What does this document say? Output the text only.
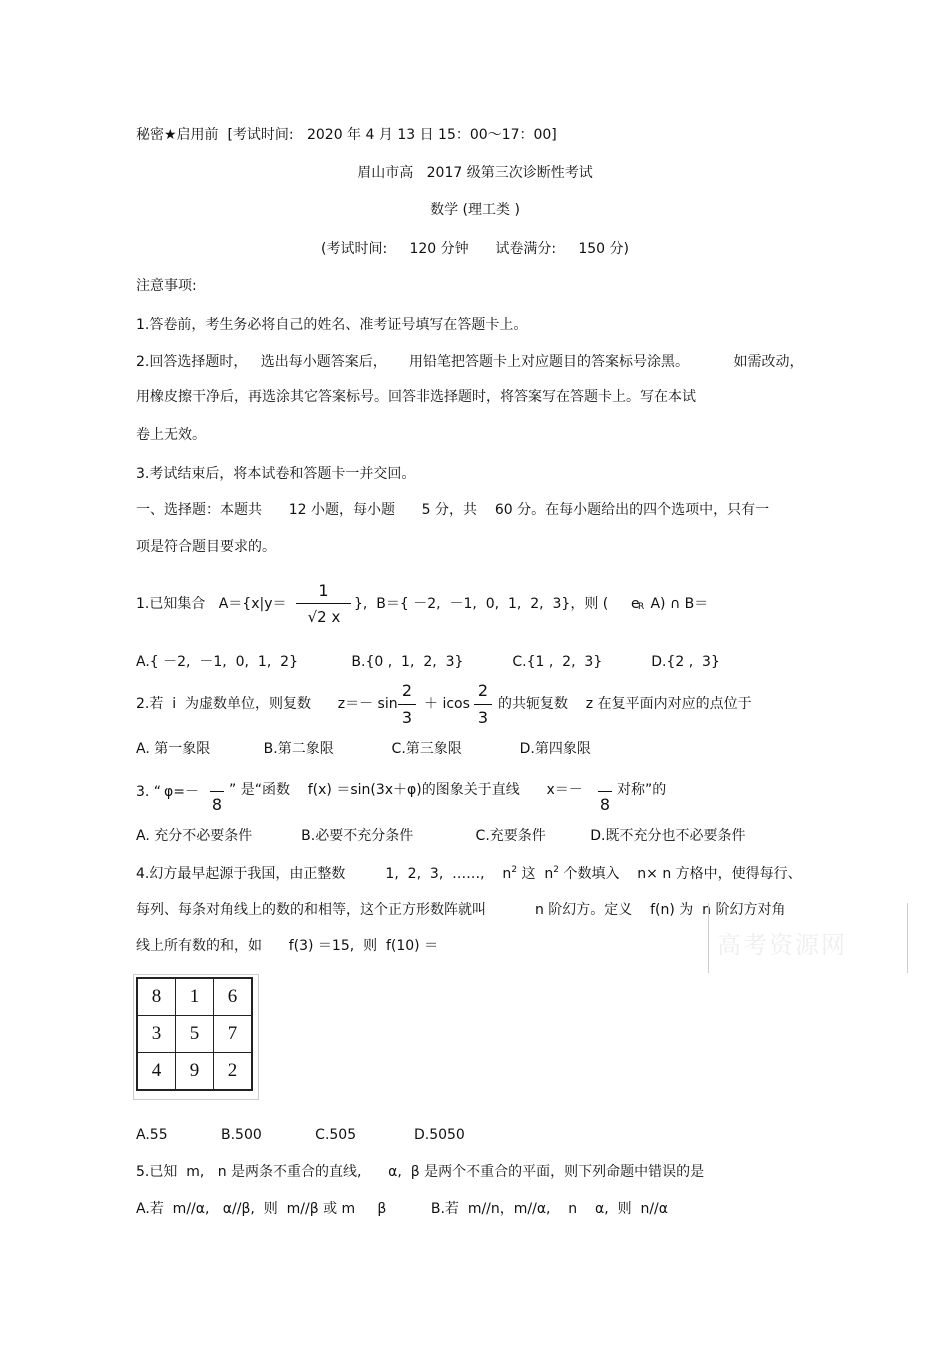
秘密★启用前  [考试时间:   2020 年 4 月 13 日 15：00～17：00]
眉山市高   2017 级第三次诊断性考试
数学 (理工类 )
(考试时间:     120 分钟      试卷满分:     150 分)
注意事项:
1.答卷前，考生务必将自己的姓名、准考证号填写在答题卡上。
2.回答选择题时，   选出每小题答案后，     用铅笔把答题卡上对应题目的答案标号涂黑。          如需改动，
用橡皮擦干净后，再选涂其它答案标号。回答非选择题时，将答案写在答题卡上。写在本试
卷上无效。
3.考试结束后，将本试卷和答题卡一并交回。
一、选择题：本题共      12 小题，每小题      5 分，共    60 分。在每小题给出的四个选项中，只有一
项是符合题目要求的。
1.已知集合   A＝{x|y＝
1
√2 x
},  B＝{ －2,  －1,  0,  1,  2,  3}，则 ( e
R A) ∩ B＝
A.{ －2,  －1,  0,  1,  2}            B.{0 ,  1,  2,  3}           C.{1 ,  2,  3}           D.{2 ,  3}
2.若  i  为虚数单位，则复数      z＝－ sin
2
3
＋ icos
2
3
的共轭复数    z 在复平面内对应的点位于
A. 第一象限            B.第二象限             C.第三象限             D.第四象限
3. “ φ=－
8
” 是“函数    f(x) ＝sin(3x＋φ)的图象关于直线      x＝－
8
对称”的
A. 充分不必要条件           B.必要不充分条件              C.充要条件          D.既不充分也不必要条件
4.幻方最早起源于我国，由正整数         1,  2,  3,  ……,    $n^2$ 这  $n^2$ 个数填入    n× n 方格中，使得每行、
每列、每条对角线上的数的和相等，这个正方形数阵就叫           n 阶幻方。定义    f(n) 为  n 阶幻方对角
线上所有数的和，如      f(3) ＝15,  则  f(10) ＝	高考资源网
8	1	6
3	5	7
4	9	2
A.55            B.500            C.505             D.5050
5.已知  m,   n 是两条不重合的直线,      α,  β 是两个不重合的平面，则下列命题中错误的是
A.若  m//α,   α//β,  则  m//β 或 m     β          B.若  m//n，m//α,    n    α,  则  n//α
